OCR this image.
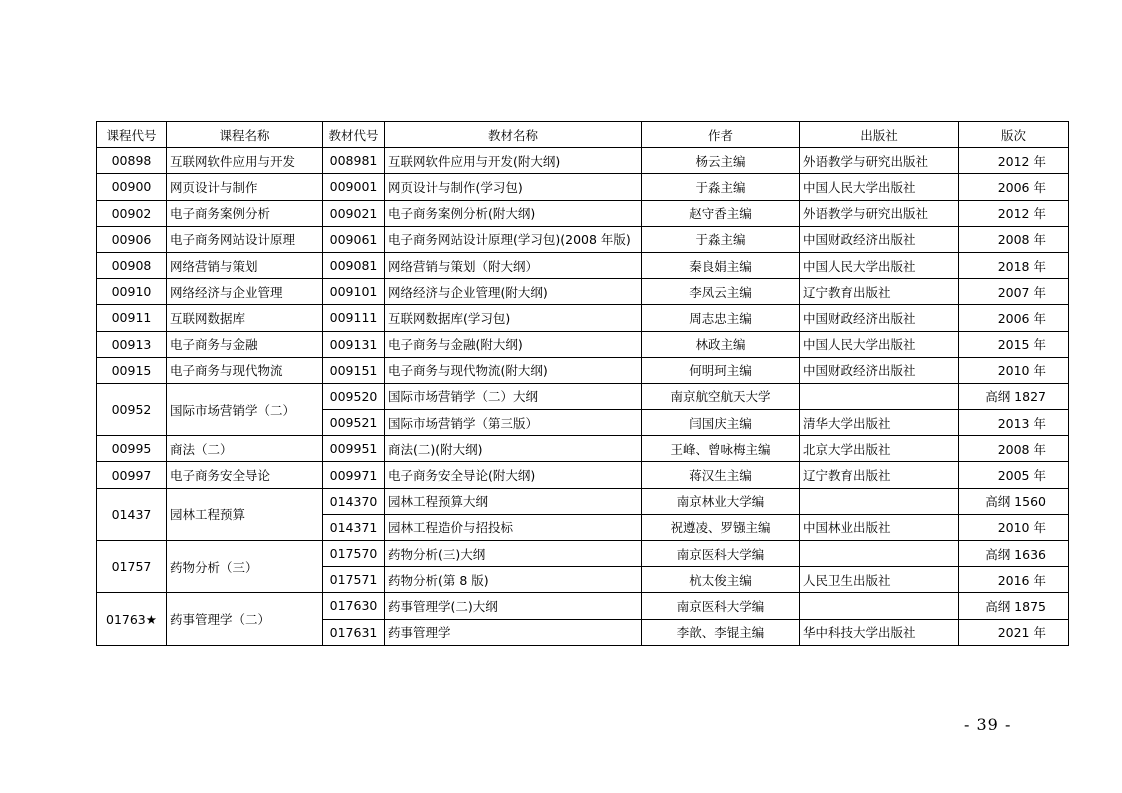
课程代号	课程名称	教材代号	教材名称	作者	出版社	版次
00898	互联网软件应用与开发	008981	互联网软件应用与开发(附大纲)	杨云主编	外语教学与研究出版社	2012 年
00900	网页设计与制作	009001	网页设计与制作(学习包)	于淼主编	中国人民大学出版社	2006 年
00902	电子商务案例分析	009021	电子商务案例分析(附大纲)	赵守香主编	外语教学与研究出版社	2012 年
00906	电子商务网站设计原理	009061	电子商务网站设计原理(学习包)(2008 年版)	于淼主编	中国财政经济出版社	2008 年
00908	网络营销与策划	009081	网络营销与策划（附大纲）	秦良娟主编	中国人民大学出版社	2018 年
00910	网络经济与企业管理	009101	网络经济与企业管理(附大纲)	李凤云主编	辽宁教育出版社	2007 年
00911	互联网数据库	009111	互联网数据库(学习包)	周志忠主编	中国财政经济出版社	2006 年
00913	电子商务与金融	009131	电子商务与金融(附大纲)	林政主编	中国人民大学出版社	2015 年
00915	电子商务与现代物流	009151	电子商务与现代物流(附大纲)	何明珂主编	中国财政经济出版社	2010 年
00952	国际市场营销学（二）	009520	国际市场营销学（二）大纲	南京航空航天大学		高纲 1827
		009521	国际市场营销学（第三版）	闫国庆主编	清华大学出版社	2013 年
00995	商法（二）	009951	商法(二)(附大纲)	王峰、曾咏梅主编	北京大学出版社	2008 年
00997	电子商务安全导论	009971	电子商务安全导论(附大纲)	蒋汉生主编	辽宁教育出版社	2005 年
01437	园林工程预算	014370	园林工程预算大纲	南京林业大学编		高纲 1560
		014371	园林工程造价与招投标	祝遵凌、罗镪主编	中国林业出版社	2010 年
01757	药物分析（三）	017570	药物分析(三)大纲	南京医科大学编		高纲 1636
		017571	药物分析(第 8 版)	杭太俊主编	人民卫生出版社	2016 年
01763★	药事管理学（二）	017630	药事管理学(二)大纲	南京医科大学编		高纲 1875
		017631	药事管理学	李歆、李锟主编	华中科技大学出版社	2021 年
- 39 -
